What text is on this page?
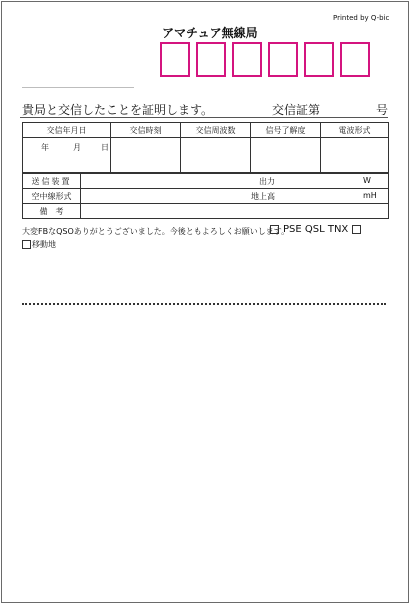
Printed by Q-bic
アマチュア無線局
貴局と交信したことを証明します。	交信証第	号
交信年月日	交信時刻	交信周波数	信号了解度	電波形式

年 月 日				

送信装置	出力 W

空中線形式	地上高 mH

備　考	
大変FBなQSOありがとうございました。今後ともよろしくお願いします。
PSE QSL TNX
移動地
